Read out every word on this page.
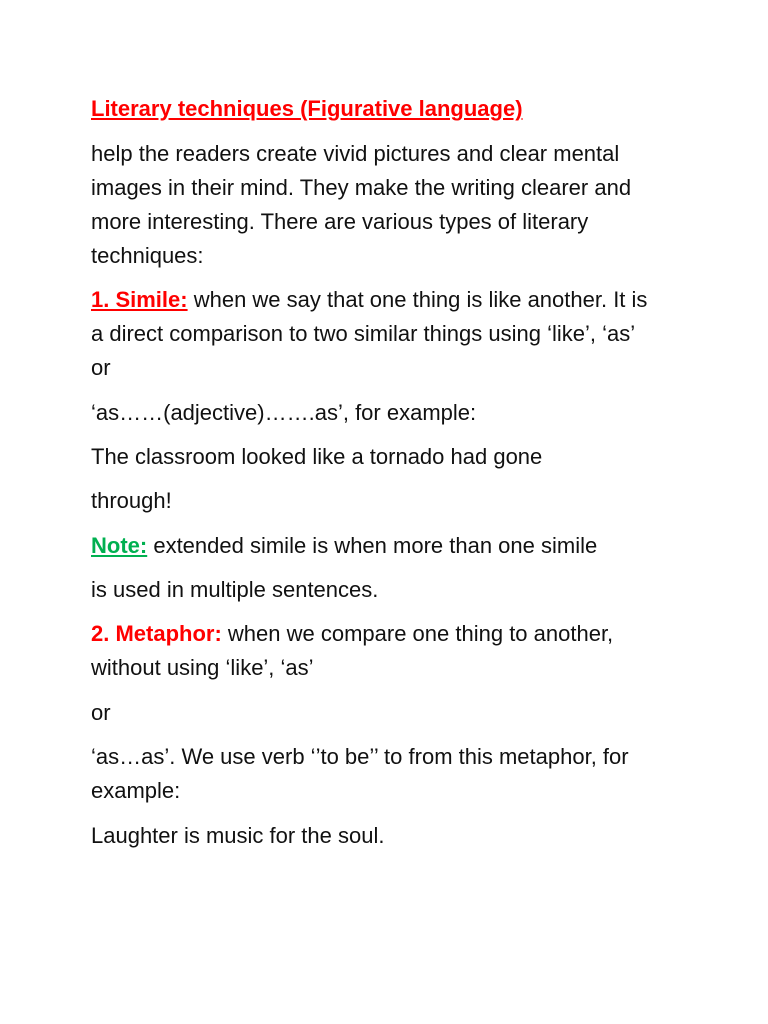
Literary techniques (Figurative language)
help the readers create vivid pictures and clear mental
images in their mind. They make the writing clearer and
more interesting. There are various types of literary
techniques:
1. Simile: when we say that one thing is like another. It is
a direct comparison to two similar things using ‘like’, ‘as’
or
‘as……(adjective)…….as’, for example:
The classroom looked like a tornado had gone
through!
Note: extended simile is when more than one simile
is used in multiple sentences.
2. Metaphor: when we compare one thing to another,
without using ‘like’, ‘as’
or
‘as…as’. We use verb ‘’to be’’ to from this metaphor, for
example:
Laughter is music for the soul.
